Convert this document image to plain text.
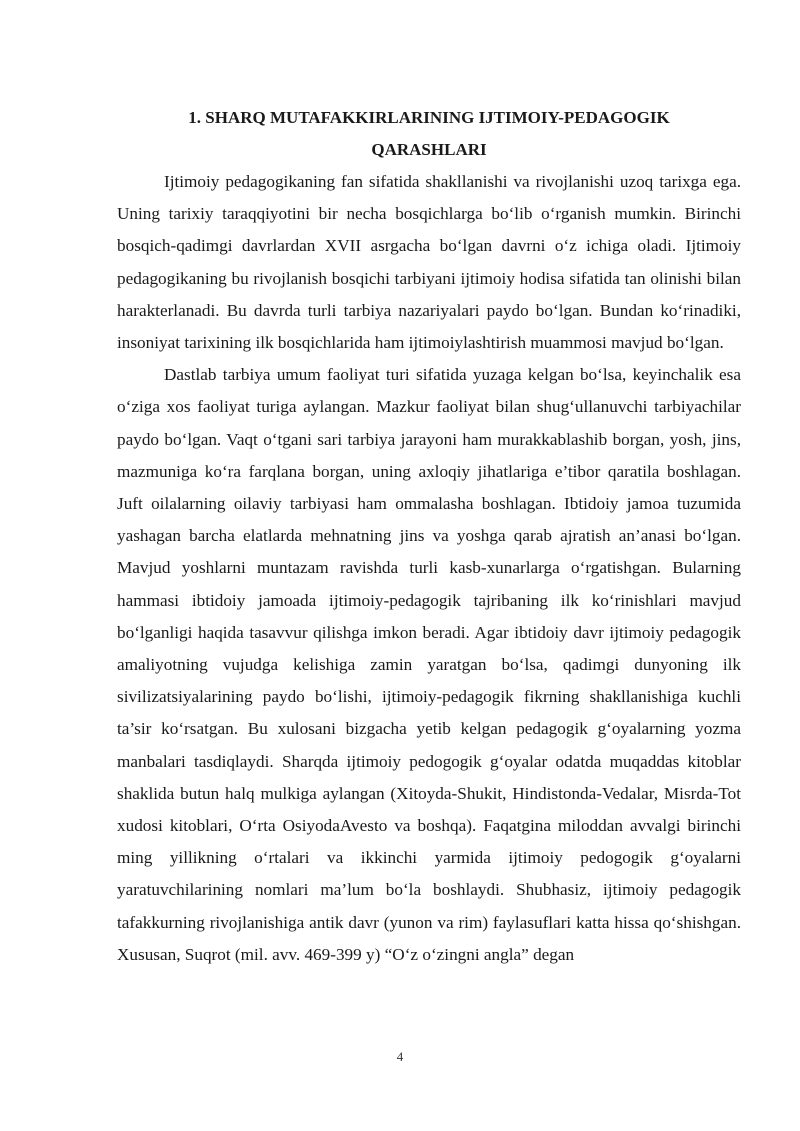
1. SHARQ MUTAFAKKIRLARINING IJTIMOIY-PEDAGOGIK
QARASHLARI

Ijtimoiy pedagogikaning fan sifatida shakllanishi va rivojlanishi uzoq tarixga ega. Uning tarixiy taraqqiyotini bir necha bosqichlarga bo‘lib o‘rganish mumkin. Birinchi bosqich-qadimgi davrlardan XVII asrgacha bo‘lgan davrni o‘z ichiga oladi. Ijtimoiy pedagogikaning bu rivojlanish bosqichi tarbiyani ijtimoiy hodisa sifatida tan olinishi bilan harakterlanadi. Bu davrda turli tarbiya nazariyalari paydo bo‘lgan. Bundan ko‘rinadiki, insoniyat tarixining ilk bosqichlarida ham ijtimoiylashtirish muammosi mavjud bo‘lgan.

Dastlab tarbiya umum faoliyat turi sifatida yuzaga kelgan bo‘lsa, keyinchalik esa o‘ziga xos faoliyat turiga aylangan. Mazkur faoliyat bilan shug‘ullanuvchi tarbiyachilar paydo bo‘lgan. Vaqt o‘tgani sari tarbiya jarayoni ham murakkablashib borgan, yosh, jins, mazmuniga ko‘ra farqlana borgan, uning axloqiy jihatlariga e’tibor qaratila boshlagan. Juft oilalarning oilaviy tarbiyasi ham ommalasha boshlagan. Ibtidoiy jamoa tuzumida yashagan barcha elatlarda mehnatning jins va yoshga qarab ajratish an’anasi bo‘lgan. Mavjud yoshlarni muntazam ravishda turli kasb-xunarlarga o‘rgatishgan. Bularning hammasi ibtidoiy jamoada ijtimoiy-pedagogik tajribaning ilk ko‘rinishlari mavjud bo‘lganligi haqida tasavvur qilishga imkon beradi. Agar ibtidoiy davr ijtimoiy pedagogik amaliyotning vujudga kelishiga zamin yaratgan bo‘lsa, qadimgi dunyoning ilk sivilizatsiyalarining paydo bo‘lishi, ijtimoiy-pedagogik fikrning shakllanishiga kuchli ta’sir ko‘rsatgan. Bu xulosani bizgacha yetib kelgan pedagogik g‘oyalarning yozma manbalari tasdiqlaydi. Sharqda ijtimoiy pedogogik g‘oyalar odatda muqaddas kitoblar shaklida butun halq mulkiga aylangan (Xitoyda-Shukit, Hindistonda-Vedalar, Misrda-Tot xudosi kitoblari, O‘rta OsiyodaAvesto va boshqa). Faqatgina miloddan avvalgi birinchi ming yillikning o‘rtalari va ikkinchi yarmida ijtimoiy pedogogik g‘oyalarni yaratuvchilarining nomlari ma’lum bo‘la boshlaydi. Shubhasiz, ijtimoiy pedagogik tafakkurning rivojlanishiga antik davr (yunon va rim) faylasuflari katta hissa qo‘shishgan. Xususan, Suqrot (mil. avv. 469-399 y) “O‘z o‘zingni angla” degan

4
